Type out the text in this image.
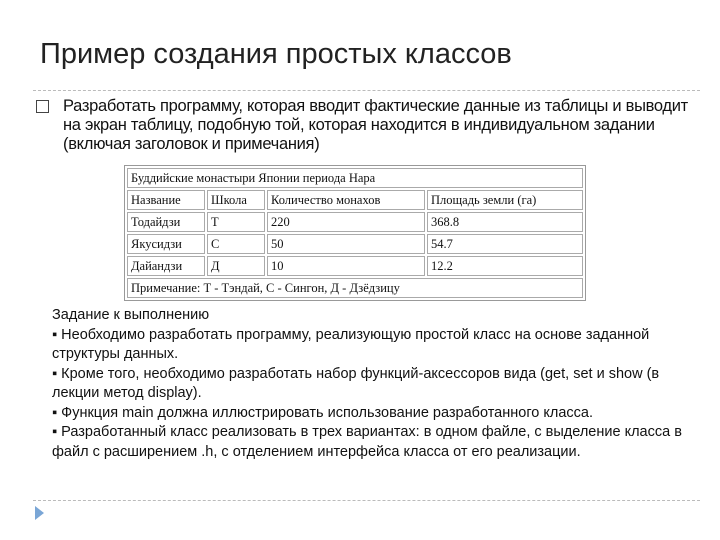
Пример создания простых классов
Разработать программу, которая вводит фактические данные из таблицы и выводит на экран таблицу, подобную той, которая находится в индивидуальном задании (включая заголовок и примечания)
Буддийские монастыри Японии периода Нара			
Название	Школа	Количество монахов	Площадь земли (га)
Тодайдзи	Т	220	368.8
Якусидзи	С	50	54.7
Дайандзи	Д	10	12.2
Примечание: Т - Тэндай, С - Сингон, Д - Дзёдзицу			
Задание к выполнению
▪ Необходимо разработать программу, реализующую простой класс на основе заданной структуры данных.
▪ Кроме того, необходимо разработать набор функций-аксессоров вида (get, set и show (в лекции метод display).
▪ Функция main должна иллюстрировать использование разработанного класса.
▪ Разработанный класс реализовать в трех вариантах: в одном файле, с выделение класса в файл с расширением .h, с отделением интерфейса класса от его реализации.
